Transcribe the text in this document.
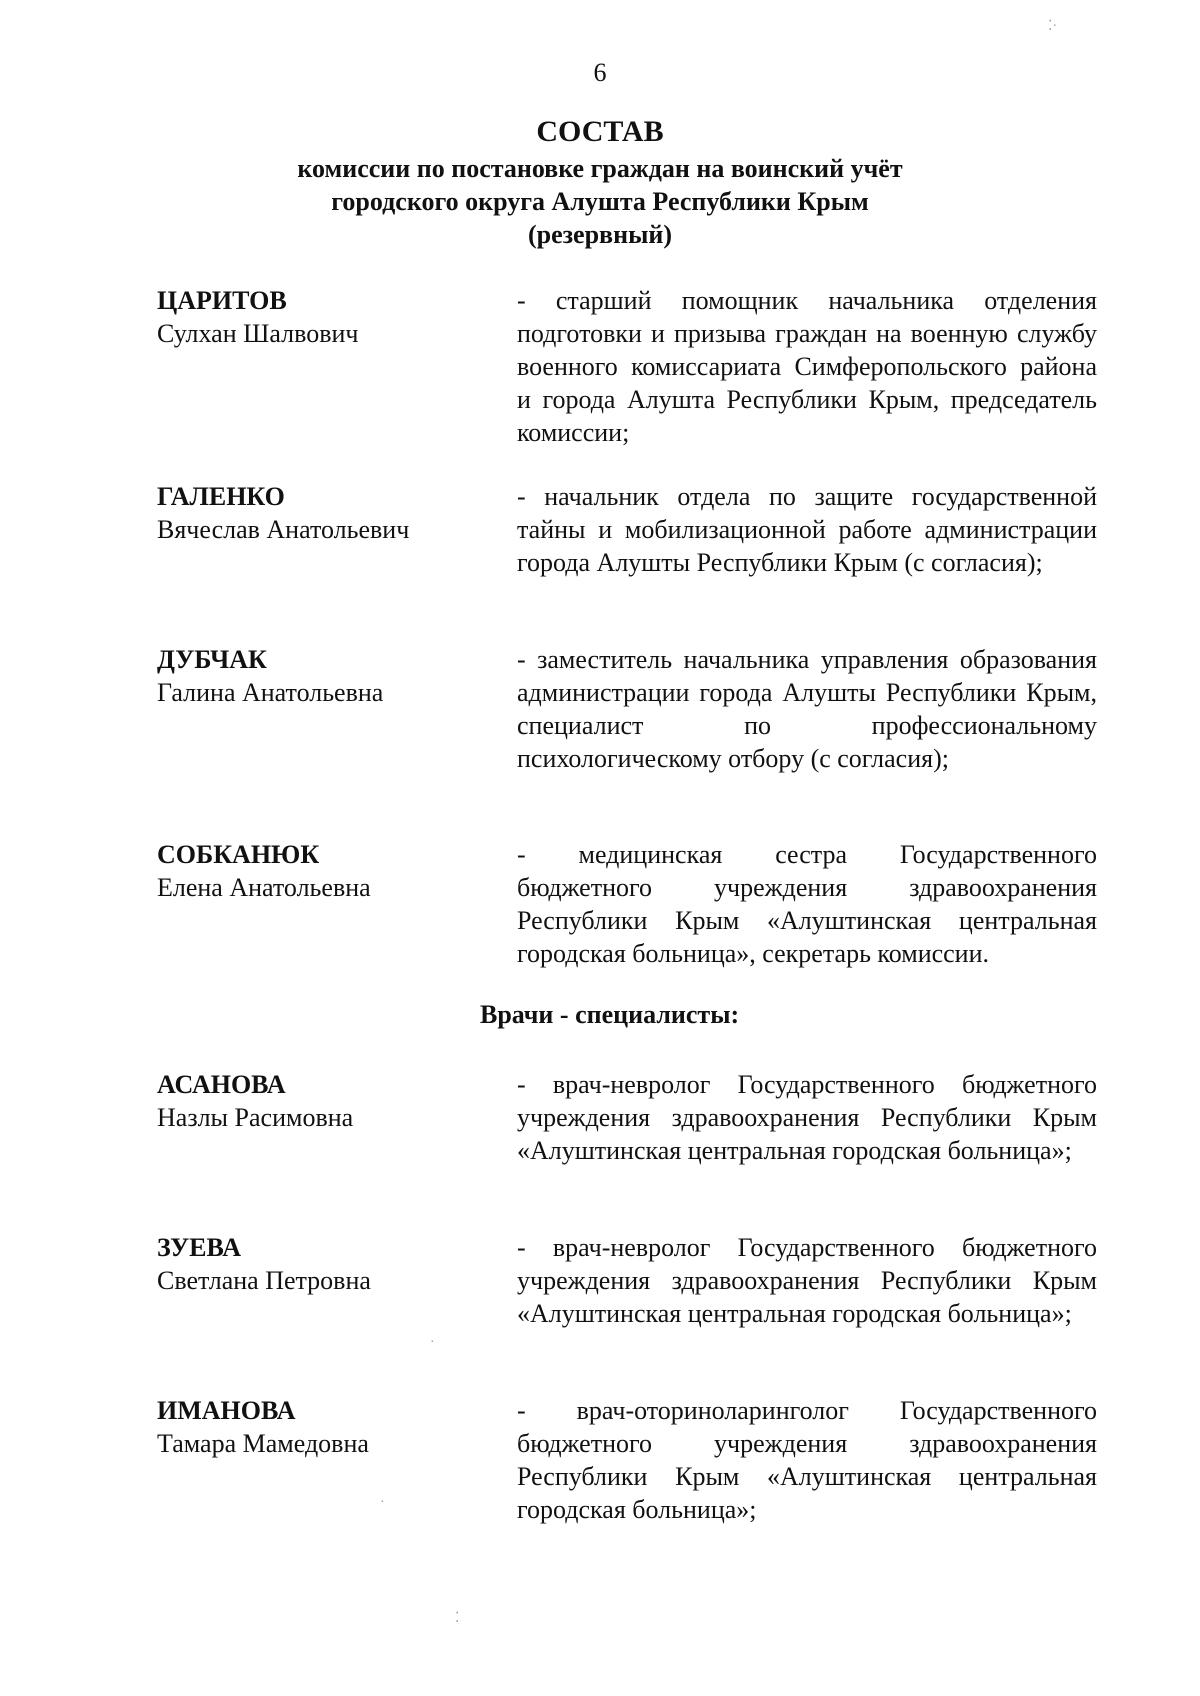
6
СОСТАВ
комиссии по постановке граждан на воинский учёт
городского округа Алушта Республики Крым
(резервный)
ЦАРИТОВ
Сулхан Шалвович
- старший помощник начальника отделения подготовки и призыва граждан на военную службу военного комиссариата Симферопольского района и города Алушта Республики Крым, председатель комиссии;
ГАЛЕНКО
Вячеслав Анатольевич
- начальник отдела по защите государственной тайны и мобилизационной работе администрации города Алушты Республики Крым (с согласия);
ДУБЧАК
Галина Анатольевна
- заместитель начальника управления образования администрации города Алушты Республики Крым, специалист по профессиональному психологическому отбору (с согласия);
СОБКАНЮК
Елена Анатольевна
- медицинская сестра Государственного бюджетного учреждения здравоохранения Республики Крым «Алуштинская центральная городская больница», секретарь комиссии.
Врачи - специалисты:
АСАНОВА
Назлы Расимовна
- врач-невролог Государственного бюджетного учреждения здравоохранения Республики Крым «Алуштинская центральная городская больница»;
ЗУЕВА
Светлана Петровна
- врач-невролог Государственного бюджетного учреждения здравоохранения Республики Крым «Алуштинская центральная городская больница»;
ИМАНОВА
Тамара Мамедовна
- врач-оториноларинголог Государственного бюджетного учреждения здравоохранения Республики Крым «Алуштинская центральная городская больница»;
⁚·
·
·
⁚
